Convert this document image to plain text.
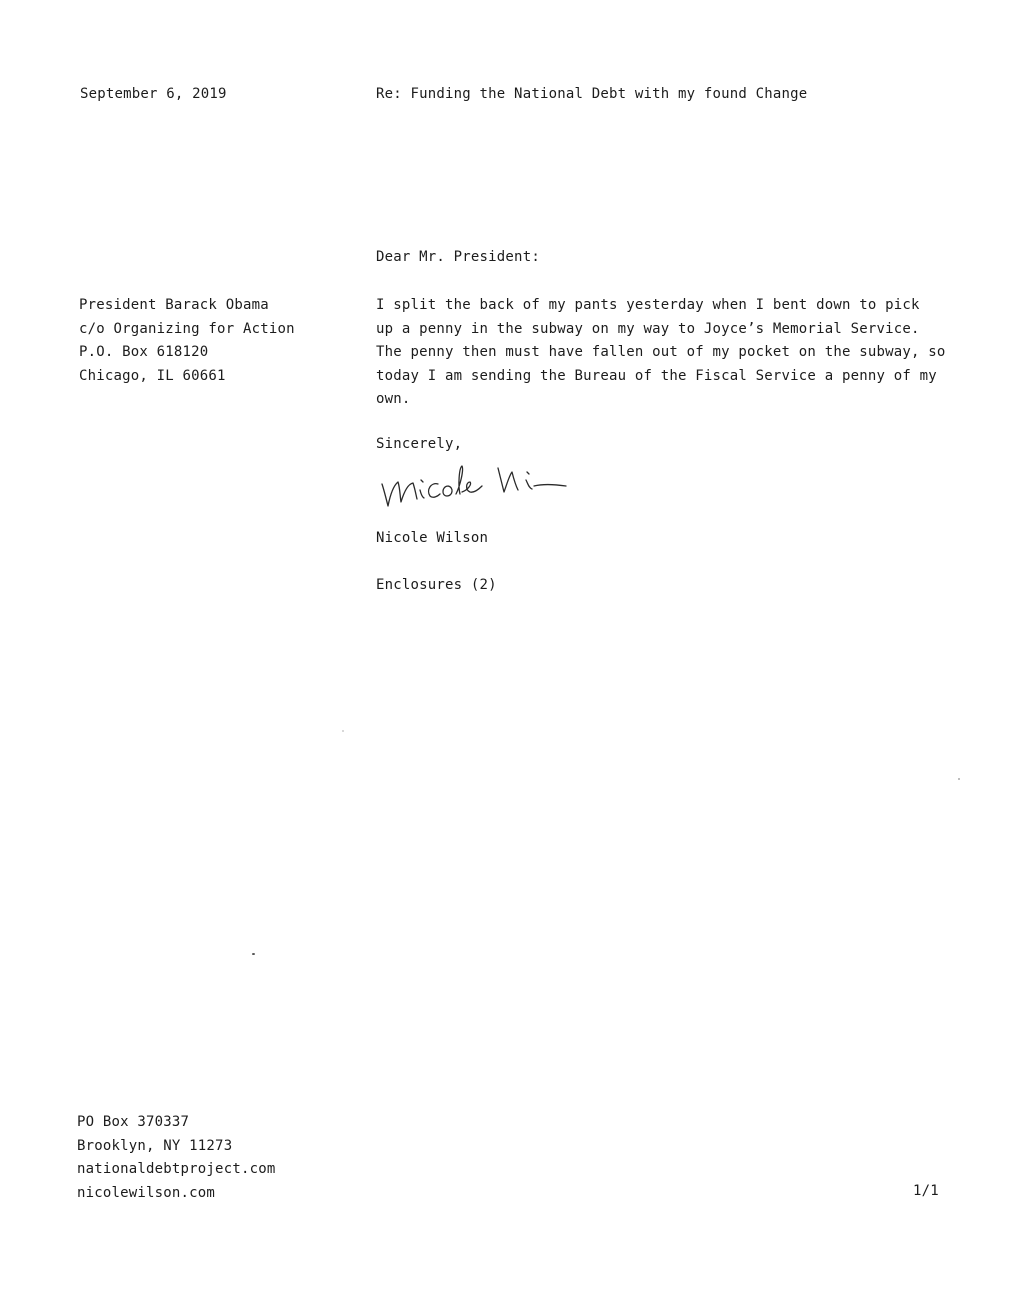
September 6, 2019	Re: Funding the National Debt with my found Change
Dear Mr. President:
President Barack Obama
c/o Organizing for Action
P.O. Box 618120
Chicago, IL 60661
I split the back of my pants yesterday when I bent down to pick
up a penny in the subway on my way to Joyce’s Memorial Service.
The penny then must have fallen out of my pocket on the subway, so
today I am sending the Bureau of the Fiscal Service a penny of my
own.
Sincerely,
Nicole Wilson
Enclosures (2)
PO Box 370337
Brooklyn, NY 11273
nationaldebtproject.com
nicolewilson.com	1/1
